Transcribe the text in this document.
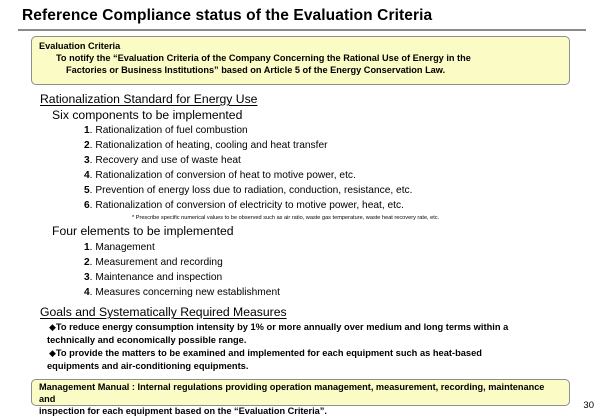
Reference Compliance status of the Evaluation Criteria
Evaluation Criteria
To notify the “Evaluation Criteria of the Company Concerning the Rational Use of Energy in the
Factories or Business Institutions” based on Article 5 of the Energy Conservation Law.
Rationalization Standard for Energy Use
Six components to be implemented
1. Rationalization of fuel combustion
2. Rationalization of heating, cooling and heat transfer
3. Recovery and use of waste heat
4. Rationalization of conversion of heat to motive power, etc.
5. Prevention of energy loss due to radiation, conduction, resistance, etc.
6. Rationalization of conversion of electricity to motive power, heat, etc.
* Prescribe specific numerical values to be observed such as air ratio, waste gas temperature, waste heat recovery rate, etc.
Four elements to be implemented
1. Management
2. Measurement and recording
3. Maintenance and inspection
4. Measures concerning new establishment
Goals and Systematically Required Measures
◆To reduce energy consumption intensity by 1% or more annually over medium and long terms within a
technically and economically possible range.
◆To provide the matters to be examined and implemented for each equipment such as heat-based
equipments and air-conditioning equipments.
Management Manual : Internal regulations providing operation management, measurement, recording, maintenance and
inspection for each equipment based on the “Evaluation Criteria”.	30
